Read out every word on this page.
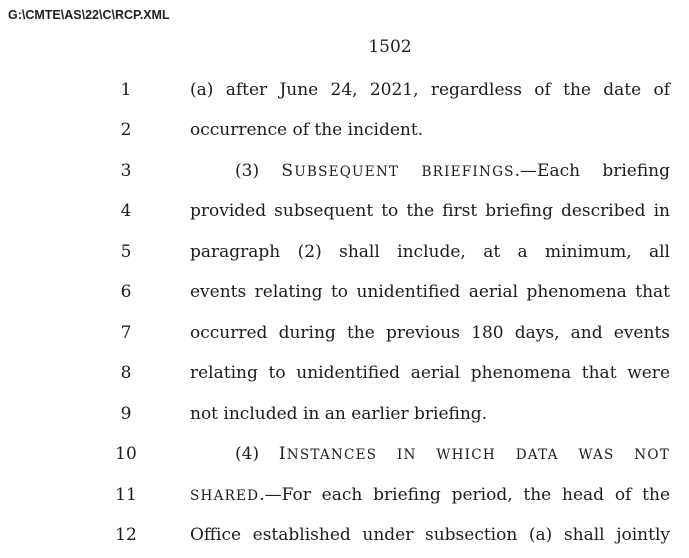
G:\CMTE\AS\22\C\RCP.XML
1502
1	(a) after June 24, 2021, regardless of the date of
2	occurrence of the incident.
3	(3) SUBSEQUENT BRIEFINGS.—Each briefing
4	provided subsequent to the first briefing described in
5	paragraph (2) shall include, at a minimum, all
6	events relating to unidentified aerial phenomena that
7	occurred during the previous 180 days, and events
8	relating to unidentified aerial phenomena that were
9	not included in an earlier briefing.
10	(4) INSTANCES IN WHICH DATA WAS NOT
11	SHARED.—For each briefing period, the head of the
12	Office established under subsection (a) shall jointly
